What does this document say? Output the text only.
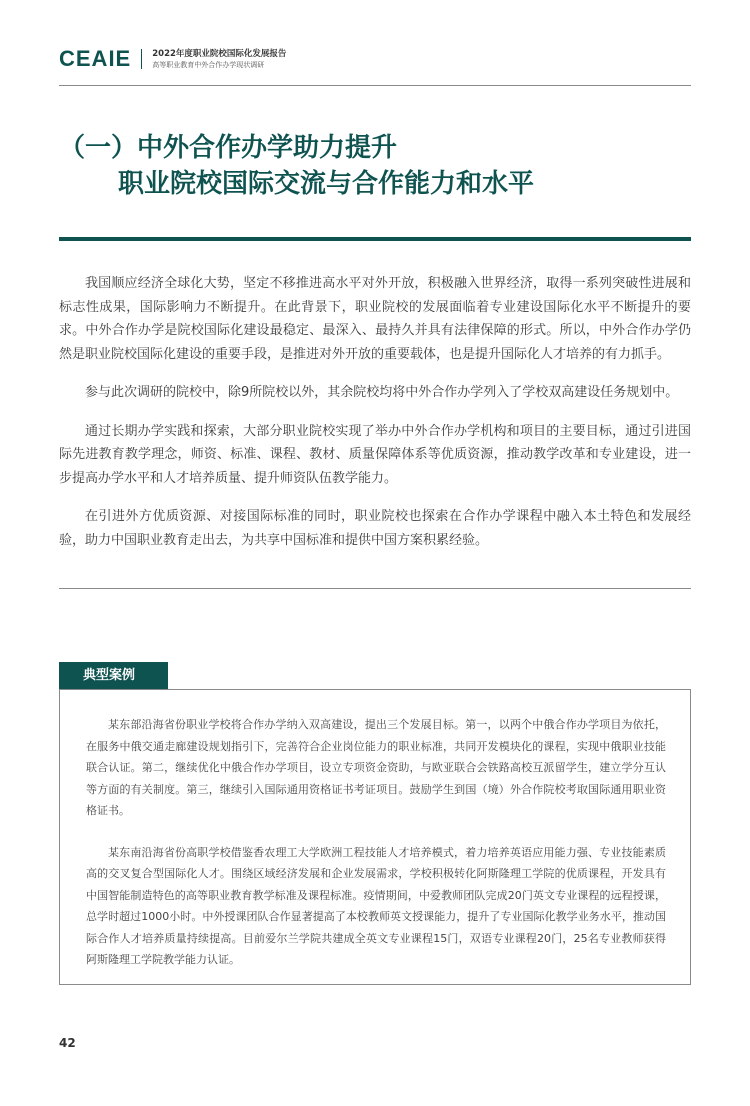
CEAIE 2022年度职业院校国际化发展报告
高等职业教育中外合作办学现状调研
（一）中外合作办学助力提升
职业院校国际交流与合作能力和水平

我国顺应经济全球化大势，坚定不移推进高水平对外开放，积极融入世界经济，取得一系列突破性进展和标志性成果，国际影响力不断提升。在此背景下，职业院校的发展面临着专业建设国际化水平不断提升的要求。中外合作办学是院校国际化建设最稳定、最深入、最持久并具有法律保障的形式。所以，中外合作办学仍然是职业院校国际化建设的重要手段，是推进对外开放的重要载体，也是提升国际化人才培养的有力抓手。

参与此次调研的院校中，除9所院校以外，其余院校均将中外合作办学列入了学校双高建设任务规划中。

通过长期办学实践和探索，大部分职业院校实现了举办中外合作办学机构和项目的主要目标，通过引进国际先进教育教学理念，师资、标准、课程、教材、质量保障体系等优质资源，推动教学改革和专业建设，进一步提高办学水平和人才培养质量、提升师资队伍教学能力。

在引进外方优质资源、对接国际标准的同时，职业院校也探索在合作办学课程中融入本土特色和发展经验，助力中国职业教育走出去，为共享中国标准和提供中国方案积累经验。

典型案例

某东部沿海省份职业学校将合作办学纳入双高建设，提出三个发展目标。第一，以两个中俄合作办学项目为依托，在服务中俄交通走廊建设规划指引下，完善符合企业岗位能力的职业标准，共同开发模块化的课程，实现中俄职业技能联合认证。第二，继续优化中俄合作办学项目，设立专项资金资助，与欧亚联合会铁路高校互派留学生，建立学分互认等方面的有关制度。第三，继续引入国际通用资格证书考证项目。鼓励学生到国（境）外合作院校考取国际通用职业资格证书。

某东南沿海省份高职学校借鉴香农理工大学欧洲工程技能人才培养模式，着力培养英语应用能力强、专业技能素质高的交叉复合型国际化人才。围绕区域经济发展和企业发展需求，学校积极转化阿斯隆理工学院的优质课程，开发具有中国智能制造特色的高等职业教育教学标准及课程标准。疫情期间，中爱教师团队完成20门英文专业课程的远程授课，总学时超过1000小时。中外授课团队合作显著提高了本校教师英文授课能力，提升了专业国际化教学业务水平，推动国际合作人才培养质量持续提高。目前爱尔兰学院共建成全英文专业课程15门，双语专业课程20门，25名专业教师获得阿斯隆理工学院教学能力认证。

42
